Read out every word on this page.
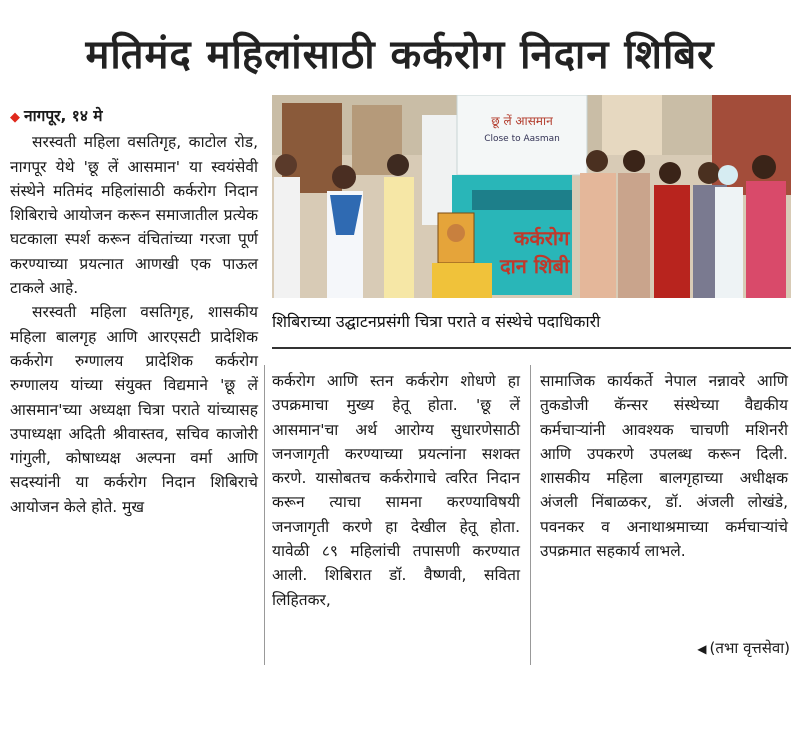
मतिमंद महिलांसाठी कर्करोग निदान शिबिर

◆ नागपूर, १४ मे

सरस्वती महिला वसतिगृह, काटोल रोड, नागपूर येथे 'छू लें आसमान' या स्वयंसेवी संस्थेने मतिमंद महिलांसाठी कर्करोग निदान शिबिराचे आयोजन करून समाजातील प्रत्येक घटकाला स्पर्श करून वंचितांच्या गरजा पूर्ण करण्याच्या प्रयत्नात आणखी एक पाऊल टाकले आहे.

सरस्वती महिला वसतिगृह, शासकीय महिला बालगृह आणि आरएसटी प्रादेशिक कर्करोग रुग्णालय प्रादेशिक कर्करोग रुग्णालय यांच्या संयुक्त विद्यमाने 'छू लें आसमान'च्या अध्यक्षा चित्रा पराते यांच्यासह उपाध्यक्षा अदिती श्रीवास्तव, सचिव काजोरी गांगुली, कोषाध्यक्ष अल्पना वर्मा आणि सदस्यांनी या कर्करोग निदान शिबिराचे आयोजन केले होते. मुख

छू लें आसमान
Close to Aasman
कर्करोग
दान शिबी
शिबिराच्या उद्घाटनप्रसंगी चित्रा पराते व संस्थेचे पदाधिकारी

कर्करोग आणि स्तन कर्करोग शोधणे हा उपक्रमाचा मुख्य हेतू होता. 'छू लें आसमान'चा अर्थ आरोग्य सुधारणेसाठी जनजागृती करण्याच्या प्रयत्नांना सशक्त करणे. यासोबतच कर्करोगाचे त्वरित निदान करून त्याचा सामना करण्याविषयी जनजागृती करणे हा देखील हेतू होता. यावेळी ८९ महिलांची तपासणी करण्यात आली. शिबिरात डॉ. वैष्णवी, सविता लिहितकर,

सामाजिक कार्यकर्ते नेपाल नन्नावरे आणि तुकडोजी कॅन्सर संस्थेच्या वैद्यकीय कर्मचाऱ्यांनी आवश्यक चाचणी मशिनरी आणि उपकरणे उपलब्ध करून दिली. शासकीय महिला बालगृहाच्या अधीक्षक अंजली निंबाळकर, डॉ. अंजली लोखंडे, पवनकर व अनाथाश्रमाच्या कर्मचाऱ्यांचे उपक्रमात सहकार्य लाभले.

◀ (तभा वृत्तसेवा)
